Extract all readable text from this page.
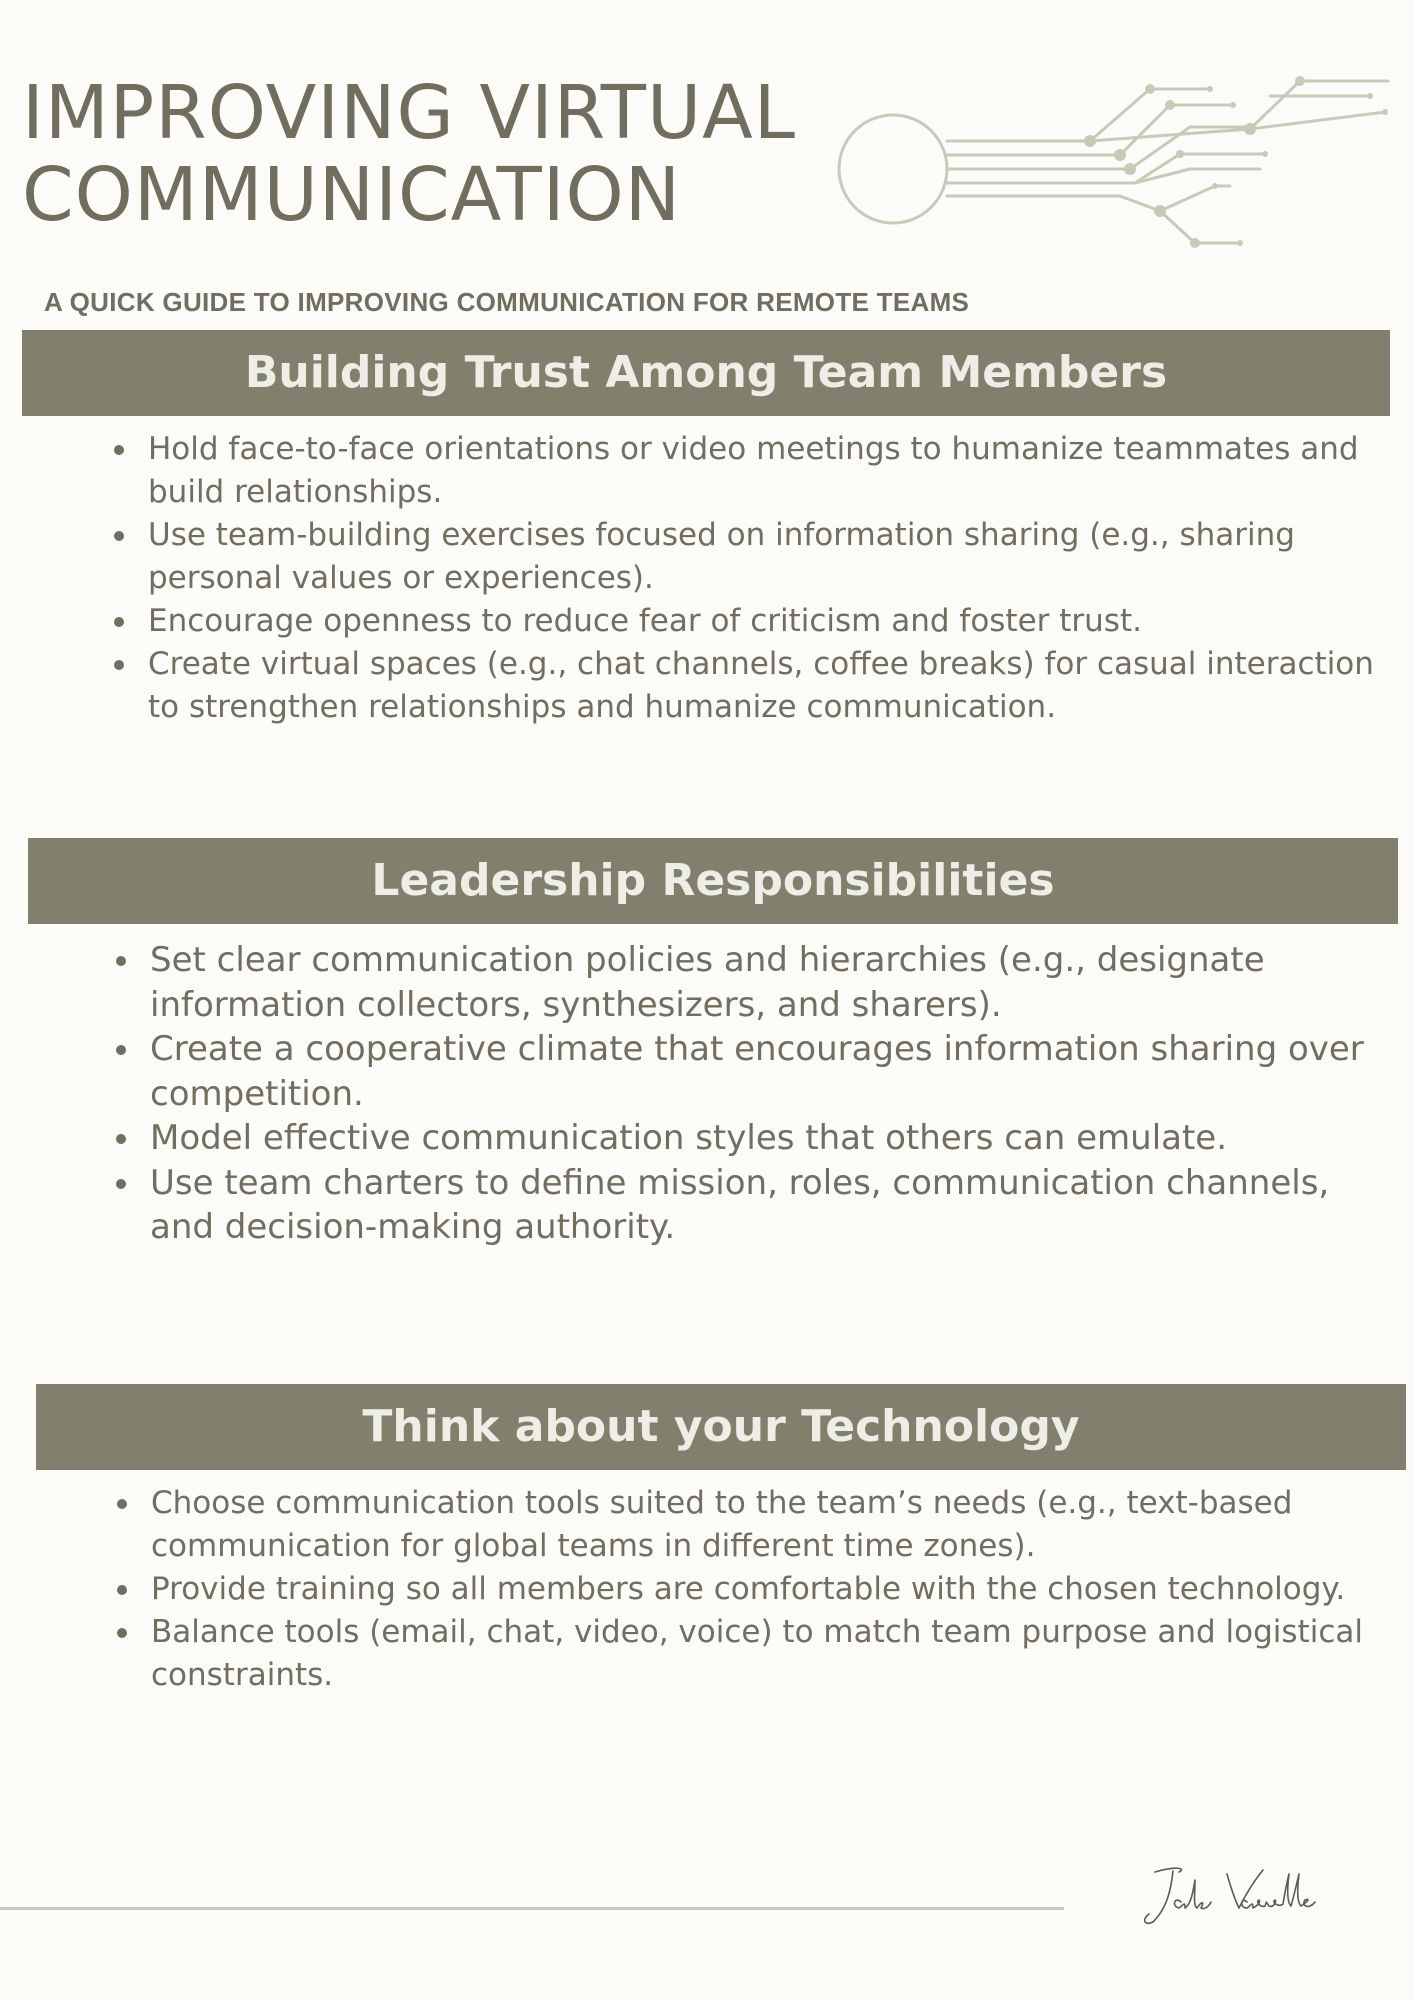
IMPROVING VIRTUAL
COMMUNICATION

A QUICK GUIDE TO IMPROVING COMMUNICATION FOR REMOTE TEAMS

Building Trust Among Team Members
Hold face-to-face orientations or video meetings to humanize teammates and build relationships.
Use team-building exercises focused on information sharing (e.g., sharing personal values or experiences).
Encourage openness to reduce fear of criticism and foster trust.
Create virtual spaces (e.g., chat channels, coffee breaks) for casual interaction to strengthen relationships and humanize communication.
Leadership Responsibilities
Set clear communication policies and hierarchies (e.g., designate information collectors, synthesizers, and sharers).
Create a cooperative climate that encourages information sharing over competition.
Model effective communication styles that others can emulate.
Use team charters to define mission, roles, communication channels, and decision-making authority.
Think about your Technology
Choose communication tools suited to the team’s needs (e.g., text-based communication for global teams in different time zones).
Provide training so all members are comfortable with the chosen technology.
Balance tools (email, chat, video, voice) to match team purpose and logistical constraints.
